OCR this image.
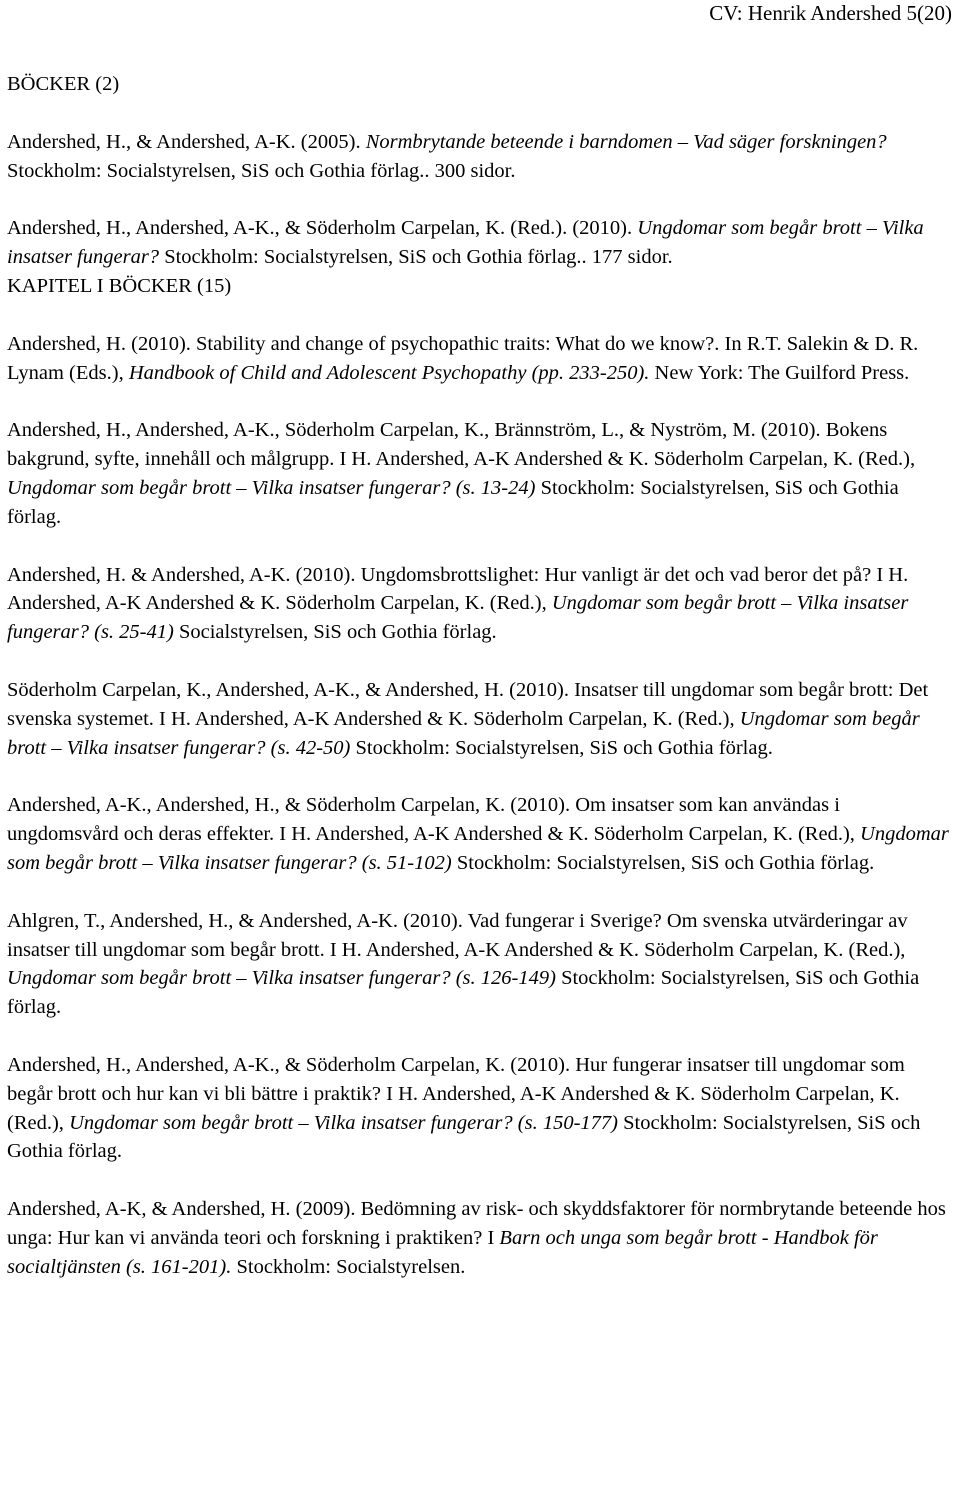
CV: Henrik Andershed 5(20)
BÖCKER (2)

Andershed, H., & Andershed, A-K. (2005). Normbrytande beteende i barndomen – Vad säger forskningen? Stockholm: Socialstyrelsen, SiS och Gothia förlag.. 300 sidor.

Andershed, H., Andershed, A-K., & Söderholm Carpelan, K. (Red.). (2010). Ungdomar som begår brott – Vilka insatser fungerar? Stockholm: Socialstyrelsen, SiS och Gothia förlag.. 177 sidor.

KAPITEL I BÖCKER (15)

Andershed, H. (2010). Stability and change of psychopathic traits: What do we know?. In R.T. Salekin & D. R. Lynam (Eds.), Handbook of Child and Adolescent Psychopathy (pp. 233-250). New York: The Guilford Press.

Andershed, H., Andershed, A-K., Söderholm Carpelan, K., Brännström, L., & Nyström, M. (2010). Bokens bakgrund, syfte, innehåll och målgrupp. I H. Andershed, A-K Andershed & K. Söderholm Carpelan, K. (Red.), Ungdomar som begår brott – Vilka insatser fungerar? (s. 13-24) Stockholm: Socialstyrelsen, SiS och Gothia förlag.

Andershed, H. & Andershed, A-K. (2010). Ungdomsbrottslighet: Hur vanligt är det och vad beror det på? I H. Andershed, A-K Andershed & K. Söderholm Carpelan, K. (Red.), Ungdomar som begår brott – Vilka insatser fungerar? (s. 25-41) Socialstyrelsen, SiS och Gothia förlag.

Söderholm Carpelan, K., Andershed, A-K., & Andershed, H. (2010). Insatser till ungdomar som begår brott: Det svenska systemet. I H. Andershed, A-K Andershed & K. Söderholm Carpelan, K. (Red.), Ungdomar som begår brott – Vilka insatser fungerar? (s. 42-50) Stockholm: Socialstyrelsen, SiS och Gothia förlag.

Andershed, A-K., Andershed, H., & Söderholm Carpelan, K. (2010). Om insatser som kan användas i ungdomsvård och deras effekter. I H. Andershed, A-K Andershed & K. Söderholm Carpelan, K. (Red.), Ungdomar som begår brott – Vilka insatser fungerar? (s. 51-102) Stockholm: Socialstyrelsen, SiS och Gothia förlag.

Ahlgren, T., Andershed, H., & Andershed, A-K. (2010). Vad fungerar i Sverige? Om svenska utvärderingar av insatser till ungdomar som begår brott. I H. Andershed, A-K Andershed & K. Söderholm Carpelan, K. (Red.), Ungdomar som begår brott – Vilka insatser fungerar? (s. 126-149) Stockholm: Socialstyrelsen, SiS och Gothia förlag.

Andershed, H., Andershed, A-K., & Söderholm Carpelan, K. (2010). Hur fungerar insatser till ungdomar som begår brott och hur kan vi bli bättre i praktik? I H. Andershed, A-K Andershed & K. Söderholm Carpelan, K. (Red.), Ungdomar som begår brott – Vilka insatser fungerar? (s. 150-177) Stockholm: Socialstyrelsen, SiS och Gothia förlag.

Andershed, A-K, & Andershed, H. (2009). Bedömning av risk- och skyddsfaktorer för normbrytande beteende hos unga: Hur kan vi använda teori och forskning i praktiken? I Barn och unga som begår brott - Handbok för socialtjänsten (s. 161-201). Stockholm: Socialstyrelsen.
